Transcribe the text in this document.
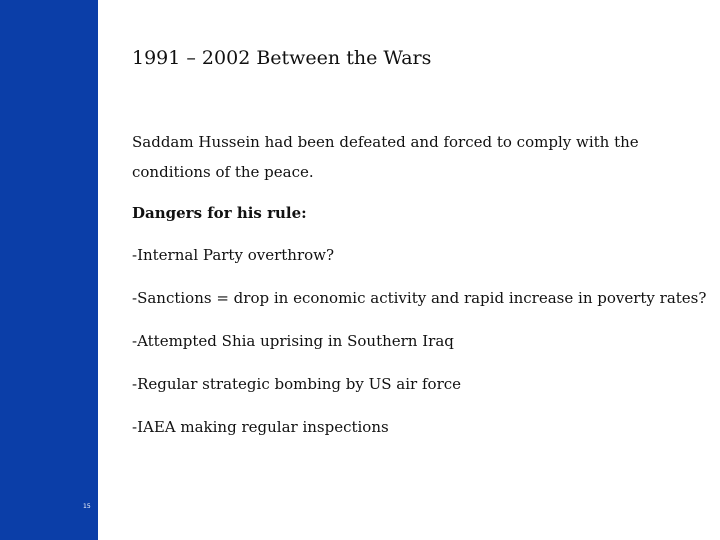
15
1991 – 2002 Between the Wars

Saddam Hussein had been defeated and forced to comply with the conditions of the peace.

Dangers for his rule:

-Internal Party overthrow?

-Sanctions = drop in economic activity and rapid increase in poverty rates?

-Attempted Shia uprising in Southern Iraq

-Regular strategic bombing by US air force

-IAEA making regular inspections
